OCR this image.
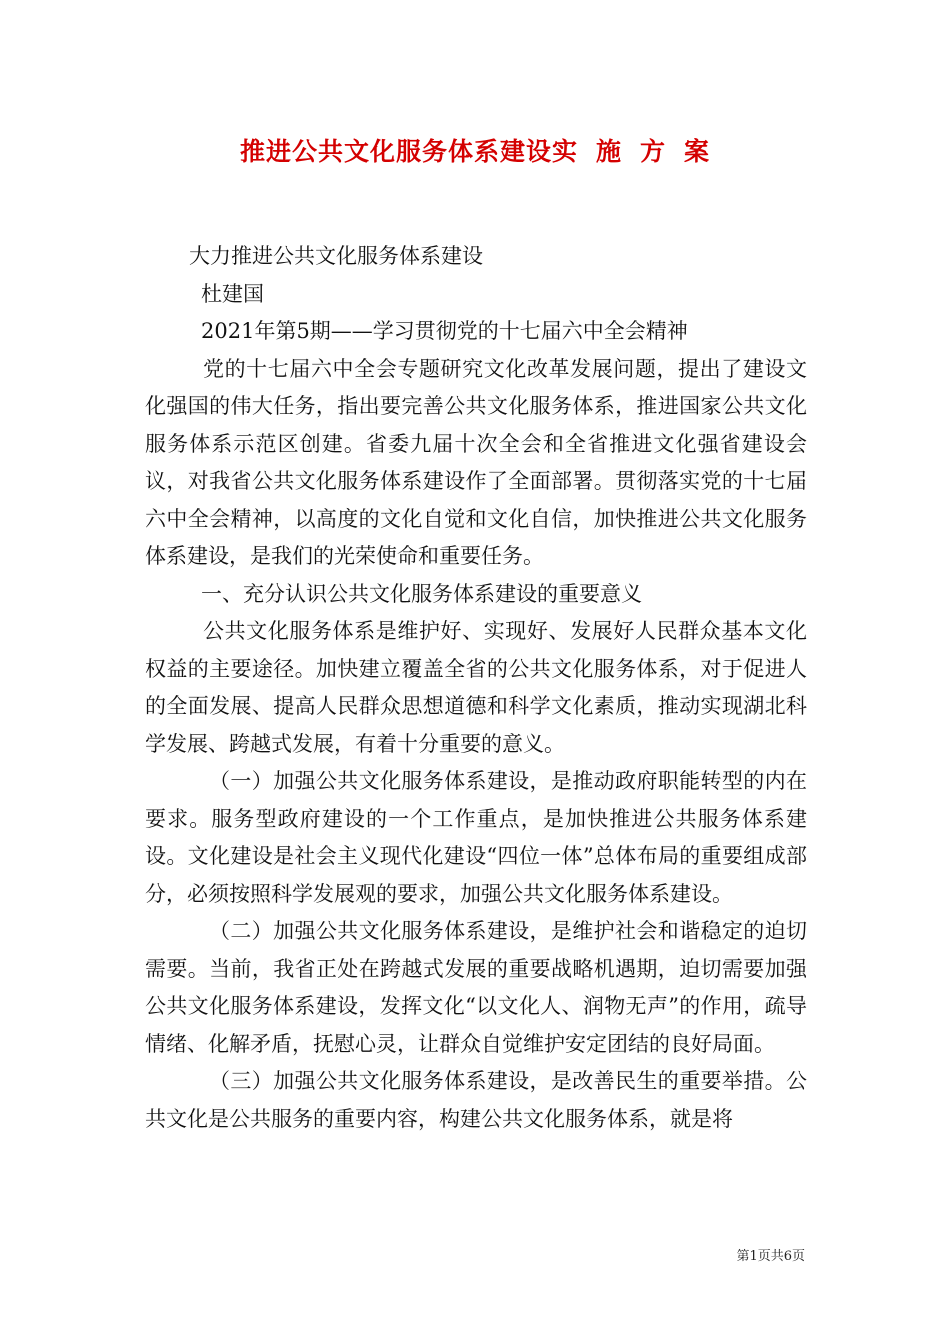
推进公共文化服务体系建设实 施 方 案

大力推进公共文化服务体系建设

杜建国

2021年第5期——学习贯彻党的十七届六中全会精神

党的十七届六中全会专题研究文化改革发展问题，提出了建设文化强国的伟大任务，指出要完善公共文化服务体系，推进国家公共文化服务体系示范区创建。省委九届十次全会和全省推进文化强省建设会议，对我省公共文化服务体系建设作了全面部署。贯彻落实党的十七届六中全会精神，以高度的文化自觉和文化自信，加快推进公共文化服务体系建设，是我们的光荣使命和重要任务。

一、充分认识公共文化服务体系建设的重要意义

公共文化服务体系是维护好、实现好、发展好人民群众基本文化权益的主要途径。加快建立覆盖全省的公共文化服务体系，对于促进人的全面发展、提高人民群众思想道德和科学文化素质，推动实现湖北科学发展、跨越式发展，有着十分重要的意义。

（一）加强公共文化服务体系建设，是推动政府职能转型的内在要求。服务型政府建设的一个工作重点，是加快推进公共服务体系建设。文化建设是社会主义现代化建设“四位一体”总体布局的重要组成部分，必须按照科学发展观的要求，加强公共文化服务体系建设。

（二）加强公共文化服务体系建设，是维护社会和谐稳定的迫切需要。当前，我省正处在跨越式发展的重要战略机遇期，迫切需要加强公共文化服务体系建设，发挥文化“以文化人、润物无声”的作用，疏导情绪、化解矛盾，抚慰心灵，让群众自觉维护安定团结的良好局面。

（三）加强公共文化服务体系建设，是改善民生的重要举措。公共文化是公共服务的重要内容，构建公共文化服务体系，就是将

第1页共6页
